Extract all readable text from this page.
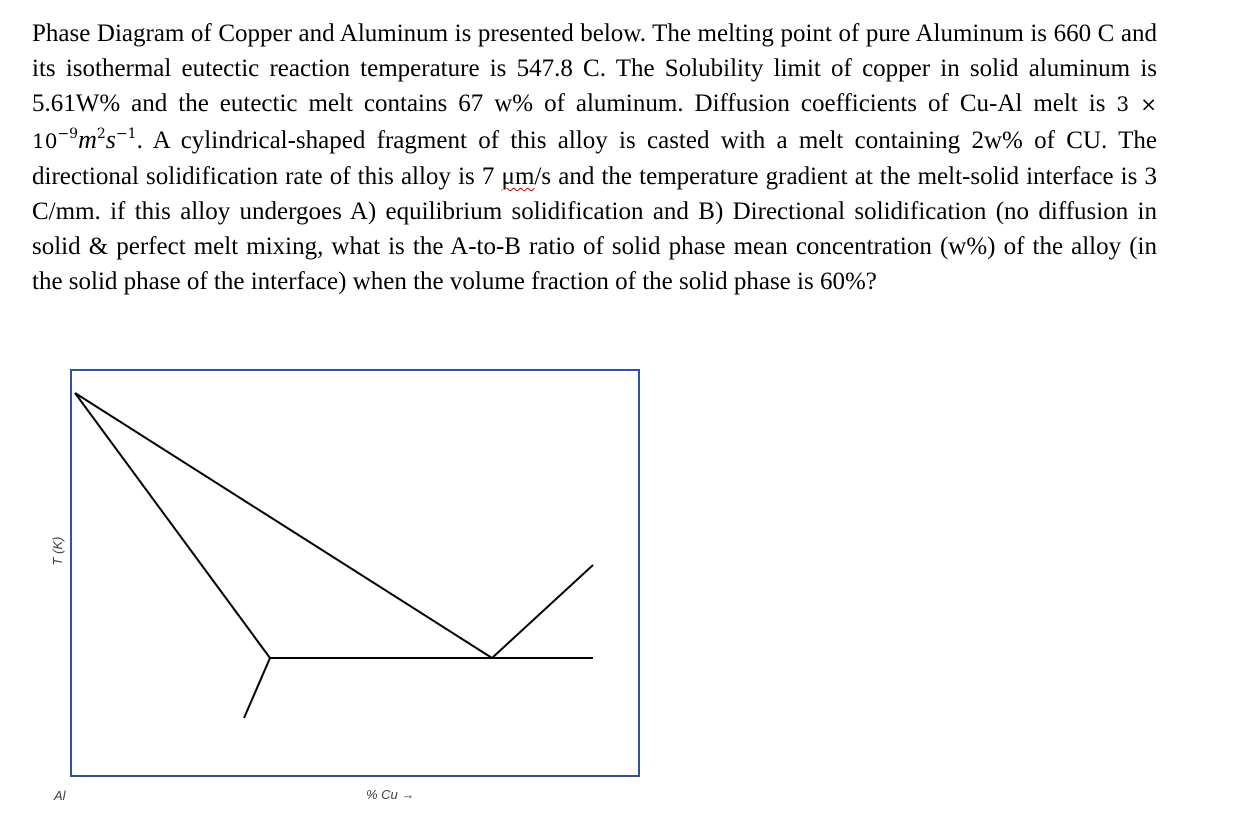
Phase Diagram of Copper and Aluminum is presented below. The melting point of pure Aluminum is 660 C and its isothermal eutectic reaction temperature is 547.8 C. The Solubility limit of copper in solid aluminum is 5.61W% and the eutectic melt contains 67 w% of aluminum. Diffusion coefficients of Cu-Al melt is $3 \times 10^{-9}m^2s^{-1}$. A cylindrical-shaped fragment of this alloy is casted with a melt containing 2w% of CU. The directional solidification rate of this alloy is 7 μm/s and the temperature gradient at the melt-solid interface is 3 C/mm. if this alloy undergoes A) equilibrium solidification and B) Directional solidification (no diffusion in solid & perfect melt mixing, what is the A-to-B ratio of solid phase mean concentration (w%) of the alloy (in the solid phase of the interface) when the volume fraction of the solid phase is 60%?

T (K)
Al	% Cu →
